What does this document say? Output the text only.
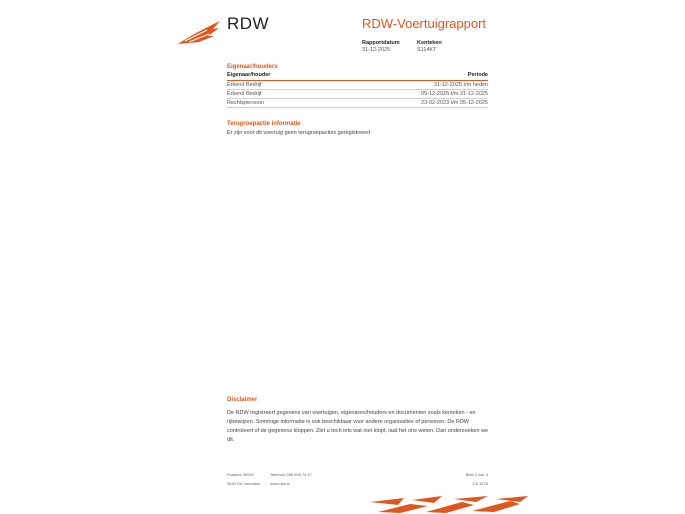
RDW	RDW-Voertuigrapport
Rapportdatum
31-12-2025
Kenteken
S114KT
Eigenaar/houders
Eigenaar/houder	Periode
Erkend Bedrijf	31-12-2025 t/m heden
Erkend Bedrijf	05-12-2025 t/m 31-12-2025
Rechtspersoon	23-02-2023 t/m 05-12-2025
Terugroepactie informatie
Er zijn voor dit voertuig geen terugroepacties geregistreerd
Disclaimer
De RDW registreert gegevens van voertuigen, eigenaren/houders en documenten zoals kenteken - en rijbewijzen. Sommige informatie is ook beschikbaar voor andere organisaties of personen. De RDW controleert of de gegevens kloppen. Ziet u toch iets wat niet klopt, laat het ons weten. Dan onderzoeken we dit.
Postbus 30000
9640 RA Veendam
Telefoon 088 008 74 47
www.rdw.nl
Blad 2 van 3
2.6 1678
